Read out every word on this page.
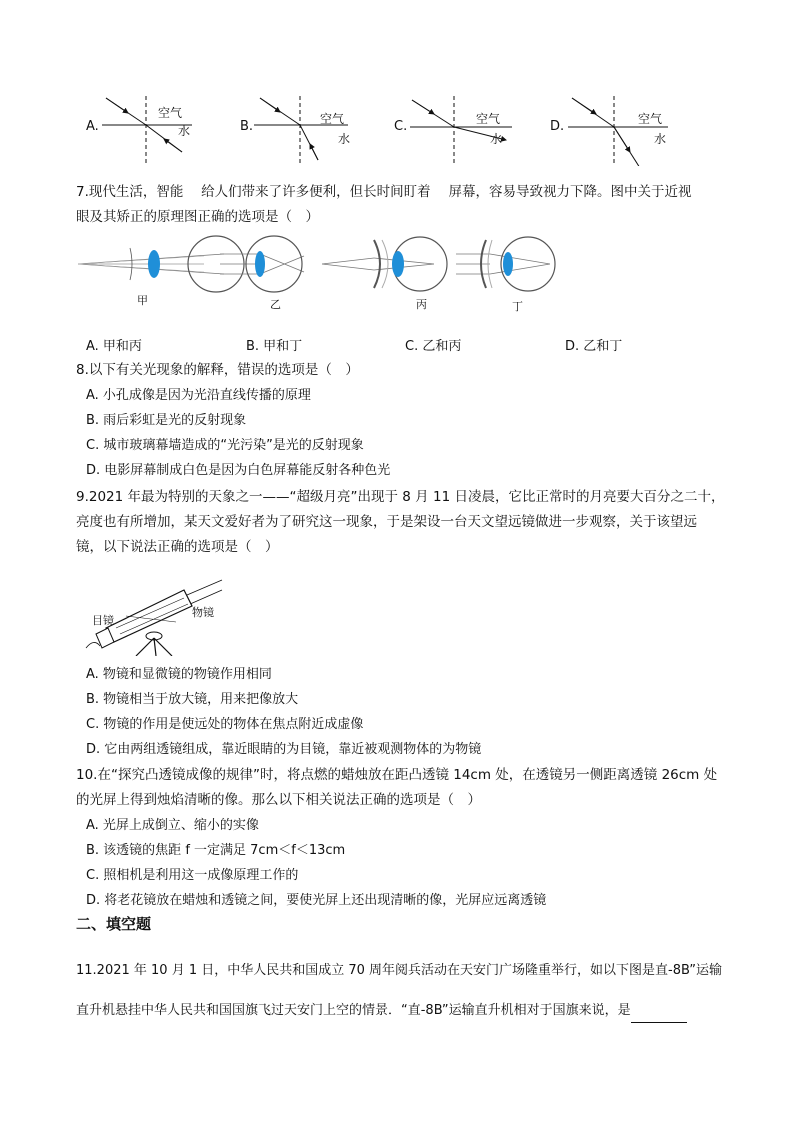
A.
空气
水	B.	空气
水
C.	空气
水
D.	空气
水
7.现代生活，智能　 给人们带来了许多便利，但长时间盯着　 屏幕，容易导致视力下降。图中关于近视
眼及其矫正的原理图正确的选项是（　）
甲	乙	丙	丁
A. 甲和丙	B. 甲和丁	C. 乙和丙	D. 乙和丁
8.以下有关光现象的解释，错误的选项是（　）
A. 小孔成像是因为光沿直线传播的原理
B. 雨后彩虹是光的反射现象
C. 城市玻璃幕墙造成的“光污染”是光的反射现象
D. 电影屏幕制成白色是因为白色屏幕能反射各种色光
9.2021 年最为特别的天象之一——“超级月亮”出现于 8 月 11 日凌晨，它比正常时的月亮要大百分之二十，
亮度也有所增加，某天文爱好者为了研究这一现象，于是架设一台天文望远镜做进一步观察，关于该望远
镜，以下说法正确的选项是（　）
目镜
物镜
A. 物镜和显微镜的物镜作用相同
B. 物镜相当于放大镜，用来把像放大
C. 物镜的作用是使远处的物体在焦点附近成虚像
D. 它由两组透镜组成，靠近眼睛的为目镜，靠近被观测物体的为物镜
10.在“探究凸透镜成像的规律”时，将点燃的蜡烛放在距凸透镜 14cm 处，在透镜另一侧距离透镜 26cm 处
的光屏上得到烛焰清晰的像。那么以下相关说法正确的选项是（　）
A. 光屏上成倒立、缩小的实像
B. 该透镜的焦距 f 一定满足 7cm＜f＜13cm
C. 照相机是利用这一成像原理工作的
D. 将老花镜放在蜡烛和透镜之间，要使光屏上还出现清晰的像，光屏应远离透镜
二、填空题
11.2021 年 10 月 1 日，中华人民共和国成立 70 周年阅兵活动在天安门广场隆重举行，如以下图是直-8B”运输
直升机悬挂中华人民共和国国旗飞过天安门上空的情景．“直-8B”运输直升机相对于国旗来说，是
